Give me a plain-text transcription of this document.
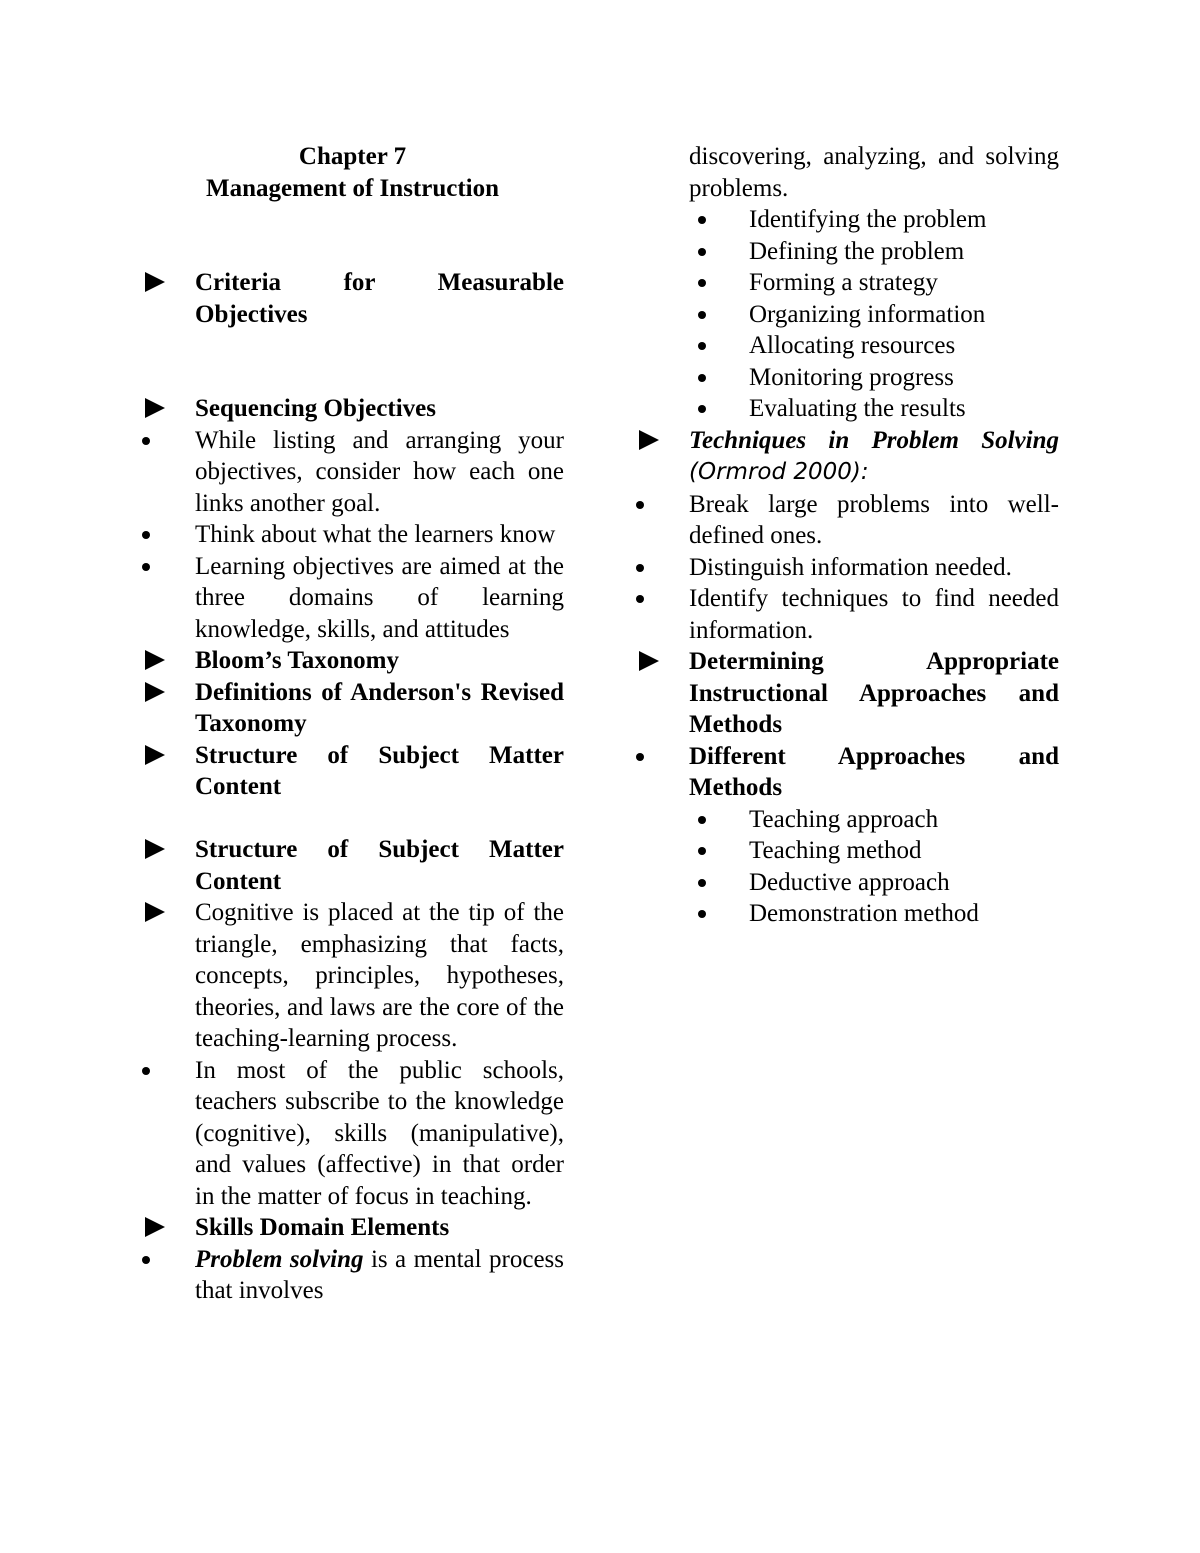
Chapter 7
Management of Instruction
Criteria for Measurable Objectives
Sequencing Objectives
While listing and arranging your objectives, consider how each one links another goal.
Think about what the learners know
Learning objectives are aimed at the three domains of learning knowledge, skills, and attitudes
Bloom’s Taxonomy
Definitions of Anderson's Revised Taxonomy
Structure of Subject Matter Content
Structure of Subject Matter Content
Cognitive is placed at the tip of the triangle, emphasizing that facts, concepts, principles, hypotheses, theories, and laws are the core of the teaching-learning process.
In most of the public schools, teachers subscribe to the knowledge (cognitive), skills (manipulative), and values (affective) in that order in the matter of focus in teaching.
Skills Domain Elements
Problem solving is a mental process that involves
discovering, analyzing, and solving problems.
Identifying the problem
Defining the problem
Forming a strategy
Organizing information
Allocating resources
Monitoring progress
Evaluating the results
Techniques in Problem Solving (Ormrod 2000):
Break large problems into well-defined ones.
Distinguish information needed.
Identify techniques to find needed information.
Determining Appropriate Instructional Approaches and Methods
Different Approaches and Methods
Teaching approach
Teaching method
Deductive approach
Demonstration method
